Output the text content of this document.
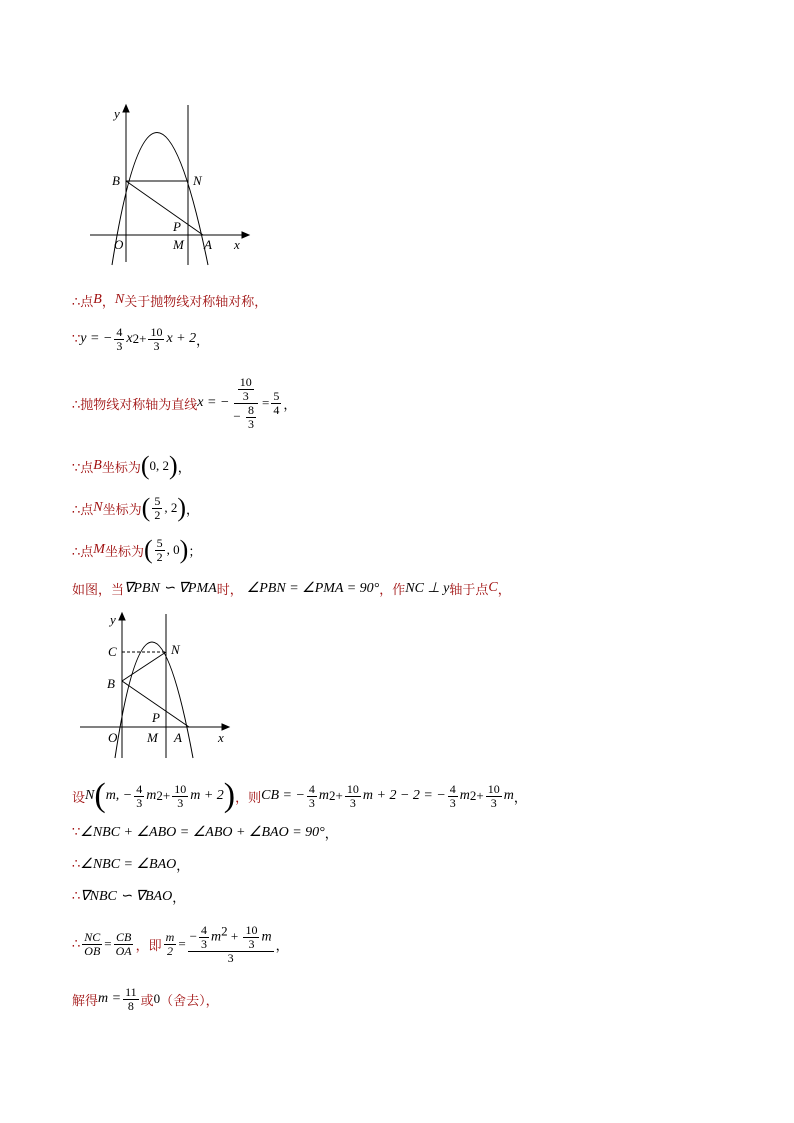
y
x
O
B	N
P
M A
∴点 B ， N 关于抛物线对称轴对称，
∵ y = − $\frac{4}{3}$ x $2 + \frac{10}{3}$ x + 2 ，
∴抛物线对称轴为直线 x = − $\frac{\frac{10}{3}}{- \frac{8}{3}} = \frac{5}{4}$ ，
∵点 B 坐标为 ( 0, 2 ) ，
∴点 N 坐标为 ( $\frac{5}{2}$ , 2 ) ，
∴点 M 坐标为 ( $\frac{5}{2}$ , 0 ) ；
如图，当 ∇PBN ∽ ∇PMA 时， ∠PBN = ∠PMA = 90° ，作 NC ⊥ y 轴于点 C ，
y
x
O
C
B
N
P
M A
设 N ( m, − $\frac{4}{3}$ m $2 + \frac{10}{3}$ m + 2 ) ，则 CB = − $\frac{4}{3}$ m $2 + \frac{10}{3}$ m + 2 − 2 = − $\frac{4}{3}$ m $2 + \frac{10}{3}$ m ，
∵ ∠NBC + ∠ABO = ∠ABO + ∠BAO = 90° ，
∴ ∠NBC = ∠BAO ，
∴ ∇NBC ∽ ∇BAO ，
∴ $\frac{NC}{OB} = \frac{CB}{OA}$ ，即 $\frac{m}{2} = \frac{- \frac{4}{3} m^2 + \frac{10}{3} m}{3}$ ，
解得 $m = \frac{11}{8}$ 或 0 （舍去），
